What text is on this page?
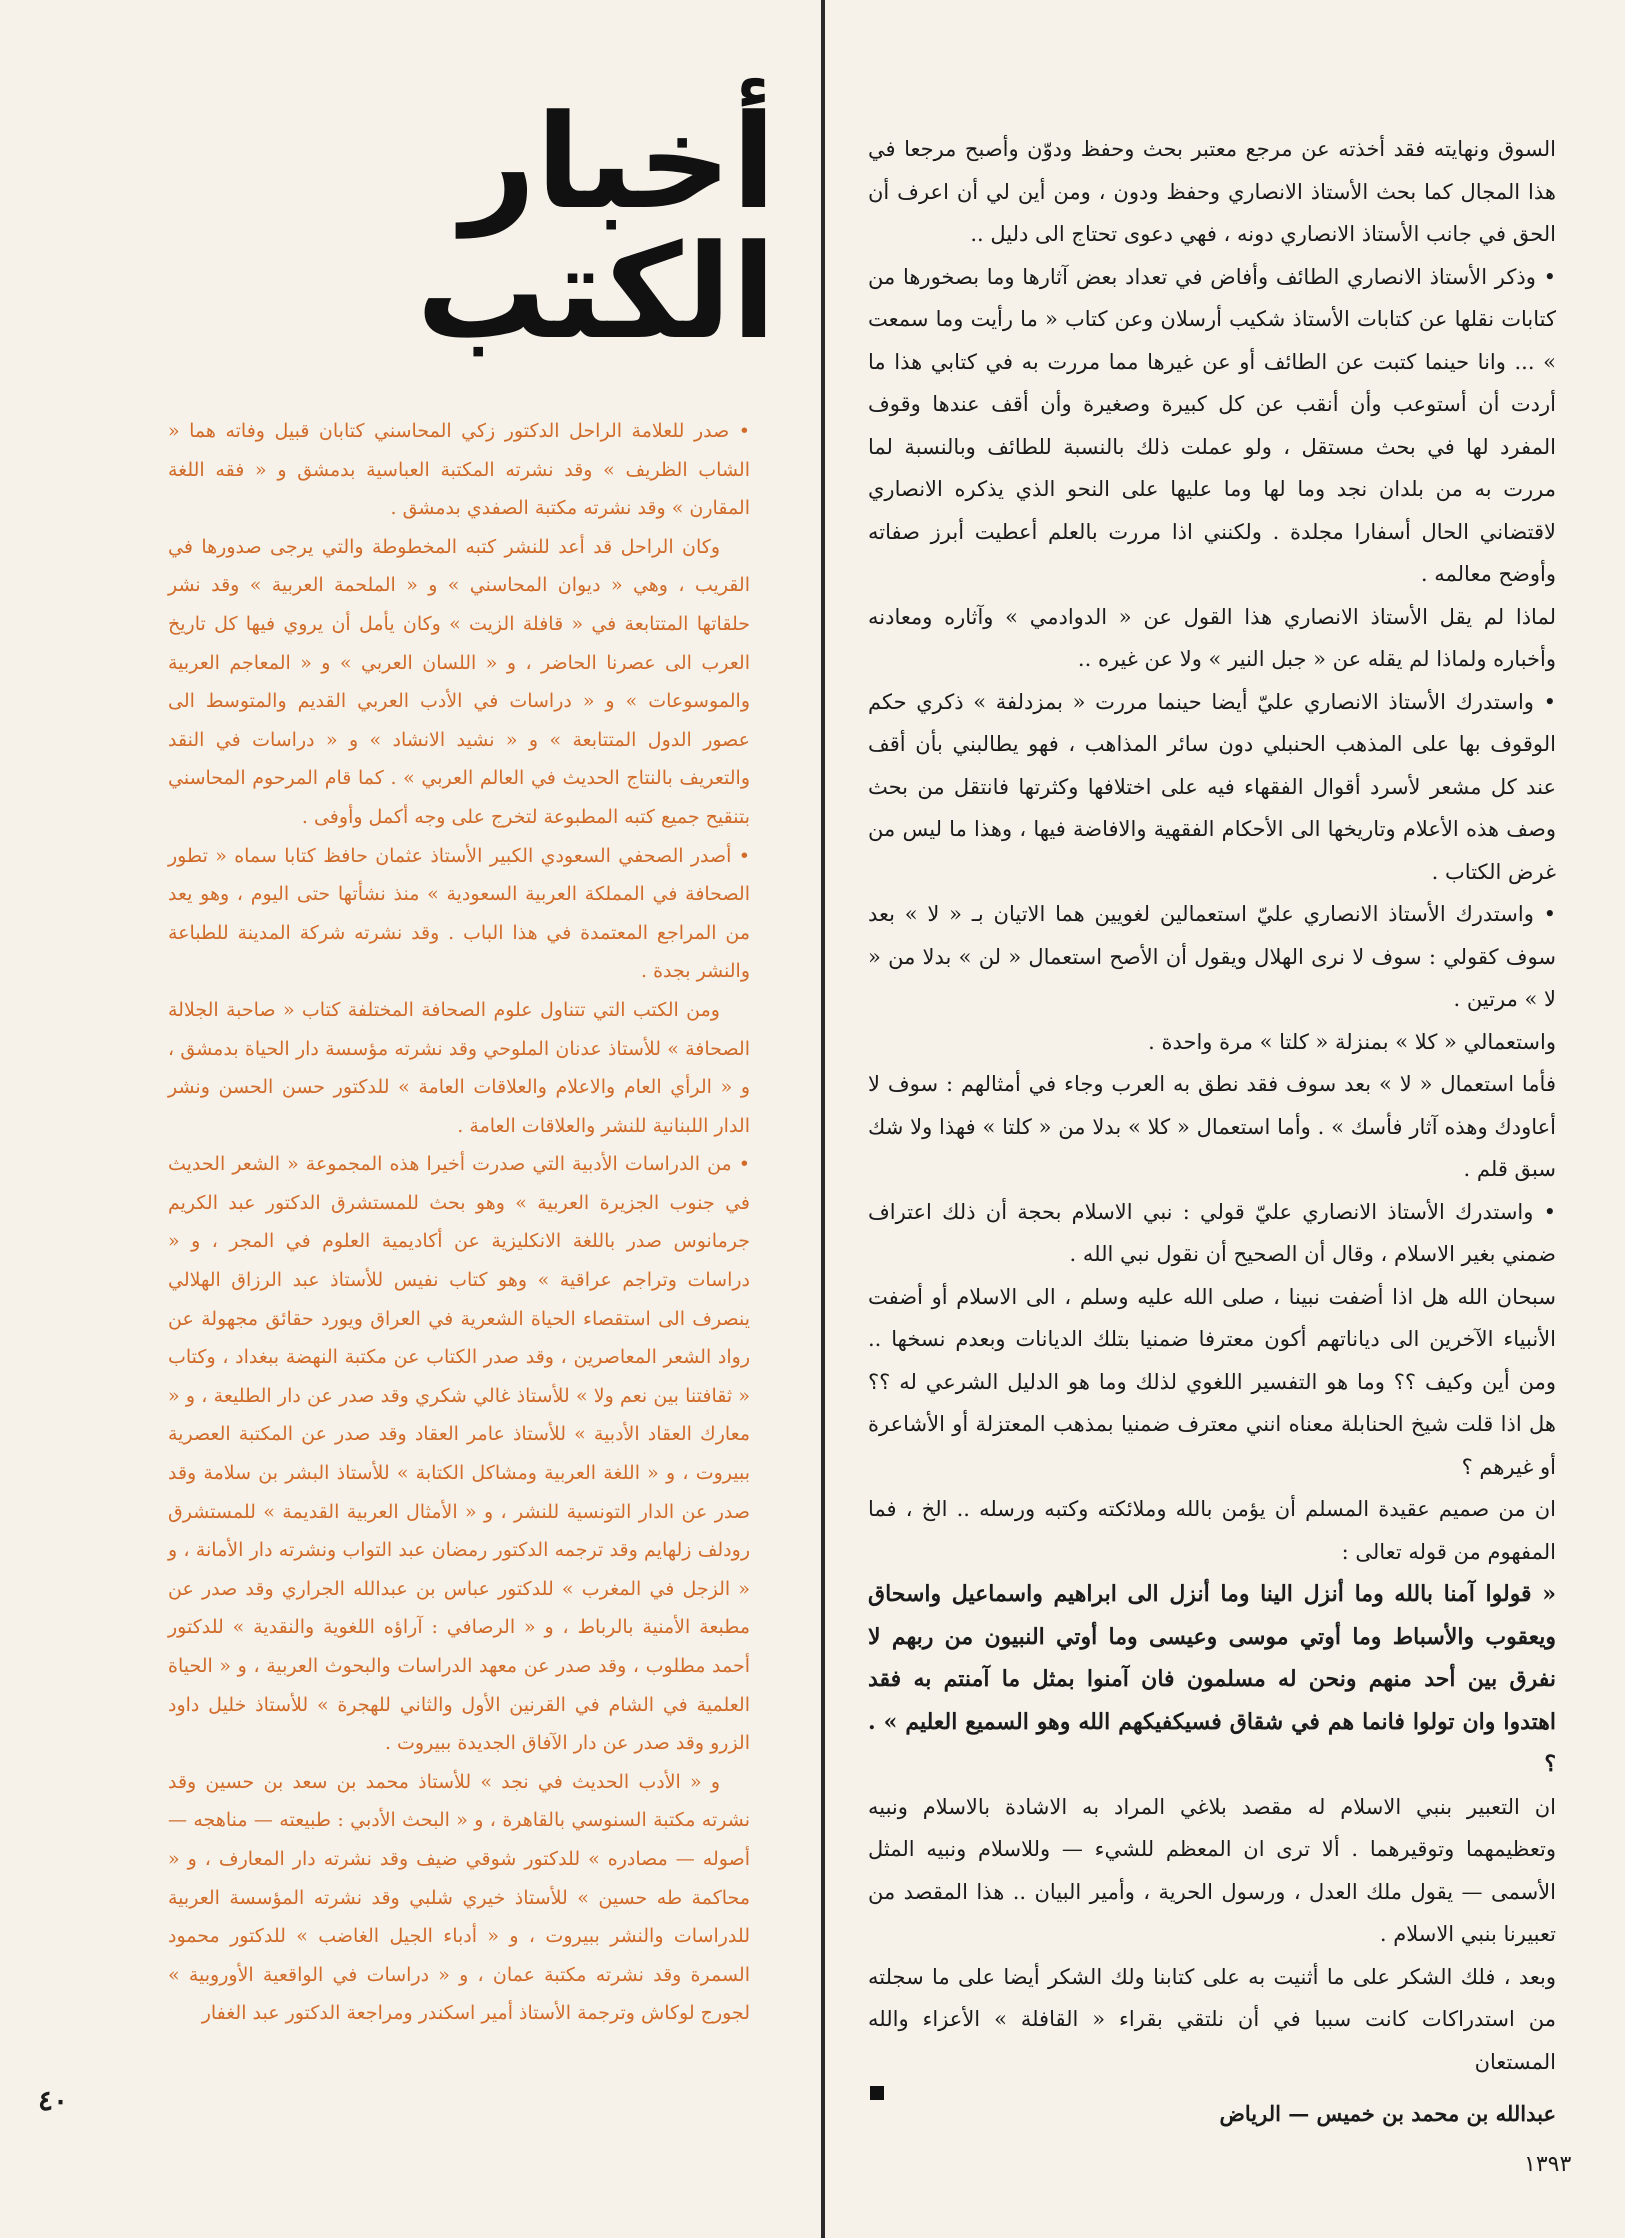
أخبار الكتب

• صدر للعلامة الراحل الدكتور زكي المحاسني كتابان قبيل وفاته هما « الشاب الظريف » وقد نشرته المكتبة العباسية بدمشق و « فقه اللغة المقارن » وقد نشرته مكتبة الصفدي بدمشق .

وكان الراحل قد أعد للنشر كتبه المخطوطة والتي يرجى صدورها في القريب ، وهي « ديوان المحاسني » و « الملحمة العربية » وقد نشر حلقاتها المتتابعة في « قافلة الزيت » وكان يأمل أن يروي فيها كل تاريخ العرب الى عصرنا الحاضر ، و « اللسان العربي » و « المعاجم العربية والموسوعات » و « دراسات في الأدب العربي القديم والمتوسط الى عصور الدول المتتابعة » و « نشيد الانشاد » و « دراسات في النقد والتعريف بالنتاج الحديث في العالم العربي » . كما قام المرحوم المحاسني بتنقيح جميع كتبه المطبوعة لتخرج على وجه أكمل وأوفى .

• أصدر الصحفي السعودي الكبير الأستاذ عثمان حافظ كتابا سماه « تطور الصحافة في المملكة العربية السعودية » منذ نشأتها حتى اليوم ، وهو يعد من المراجع المعتمدة في هذا الباب . وقد نشرته شركة المدينة للطباعة والنشر بجدة .

ومن الكتب التي تتناول علوم الصحافة المختلفة كتاب « صاحبة الجلالة الصحافة » للأستاذ عدنان الملوحي وقد نشرته مؤسسة دار الحياة بدمشق ، و « الرأي العام والاعلام والعلاقات العامة » للدكتور حسن الحسن ونشر الدار اللبنانية للنشر والعلاقات العامة .

• من الدراسات الأدبية التي صدرت أخيرا هذه المجموعة « الشعر الحديث في جنوب الجزيرة العربية » وهو بحث للمستشرق الدكتور عبد الكريم جرمانوس صدر باللغة الانكليزية عن أكاديمية العلوم في المجر ، و « دراسات وتراجم عراقية » وهو كتاب نفيس للأستاذ عبد الرزاق الهلالي ينصرف الى استقصاء الحياة الشعرية في العراق ويورد حقائق مجهولة عن رواد الشعر المعاصرين ، وقد صدر الكتاب عن مكتبة النهضة ببغداد ، وكتاب « ثقافتنا بين نعم ولا » للأستاذ غالي شكري وقد صدر عن دار الطليعة ، و « معارك العقاد الأدبية » للأستاذ عامر العقاد وقد صدر عن المكتبة العصرية ببيروت ، و « اللغة العربية ومشاكل الكتابة » للأستاذ البشر بن سلامة وقد صدر عن الدار التونسية للنشر ، و « الأمثال العربية القديمة » للمستشرق رودلف زلهايم وقد ترجمه الدكتور رمضان عبد التواب ونشرته دار الأمانة ، و « الزجل في المغرب » للدكتور عباس بن عبدالله الجراري وقد صدر عن مطبعة الأمنية بالرباط ، و « الرصافي : آراؤه اللغوية والنقدية » للدكتور أحمد مطلوب ، وقد صدر عن معهد الدراسات والبحوث العربية ، و « الحياة العلمية في الشام في القرنين الأول والثاني للهجرة » للأستاذ خليل داود الزرو وقد صدر عن دار الآفاق الجديدة ببيروت .

و « الأدب الحديث في نجد » للأستاذ محمد بن سعد بن حسين وقد نشرته مكتبة السنوسي بالقاهرة ، و « البحث الأدبي : طبيعته — مناهجه — أصوله — مصادره » للدكتور شوقي ضيف وقد نشرته دار المعارف ، و « محاكمة طه حسين » للأستاذ خيري شلبي وقد نشرته المؤسسة العربية للدراسات والنشر ببيروت ، و « أدباء الجيل الغاضب » للدكتور محمود السمرة وقد نشرته مكتبة عمان ، و « دراسات في الواقعية الأوروبية » لجورج لوكاش وترجمة الأستاذ أمير اسكندر ومراجعة الدكتور عبد الغفار

السوق ونهايته فقد أخذته عن مرجع معتبر بحث وحفظ ودوّن وأصبح مرجعا في هذا المجال كما بحث الأستاذ الانصاري وحفظ ودون ، ومن أين لي أن اعرف أن الحق في جانب الأستاذ الانصاري دونه ، فهي دعوى تحتاج الى دليل ..

• وذكر الأستاذ الانصاري الطائف وأفاض في تعداد بعض آثارها وما بصخورها من كتابات نقلها عن كتابات الأستاذ شكيب أرسلان وعن كتاب « ما رأيت وما سمعت » ... وانا حينما كتبت عن الطائف أو عن غيرها مما مررت به في كتابي هذا ما أردت أن أستوعب وأن أنقب عن كل كبيرة وصغيرة وأن أقف عندها وقوف المفرد لها في بحث مستقل ، ولو عملت ذلك بالنسبة للطائف وبالنسبة لما مررت به من بلدان نجد وما لها وما عليها على النحو الذي يذكره الانصاري لاقتضاني الحال أسفارا مجلدة . ولكنني اذا مررت بالعلم أعطيت أبرز صفاته وأوضح معالمه .

لماذا لم يقل الأستاذ الانصاري هذا القول عن « الدوادمي » وآثاره ومعادنه وأخباره ولماذا لم يقله عن « جبل النير » ولا عن غيره ..

• واستدرك الأستاذ الانصاري عليّ أيضا حينما مررت « بمزدلفة » ذكري حكم الوقوف بها على المذهب الحنبلي دون سائر المذاهب ، فهو يطالبني بأن أقف عند كل مشعر لأسرد أقوال الفقهاء فيه على اختلافها وكثرتها فانتقل من بحث وصف هذه الأعلام وتاريخها الى الأحكام الفقهية والافاضة فيها ، وهذا ما ليس من غرض الكتاب .

• واستدرك الأستاذ الانصاري عليّ استعمالين لغويين هما الاتيان بـ « لا » بعد سوف كقولي : سوف لا نرى الهلال ويقول أن الأصح استعمال « لن » بدلا من « لا » مرتين .

واستعمالي « كلا » بمنزلة « كلتا » مرة واحدة .

فأما استعمال « لا » بعد سوف فقد نطق به العرب وجاء في أمثالهم : سوف لا أعاودك وهذه آثار فأسك » . وأما استعمال « كلا » بدلا من « كلتا » فهذا ولا شك سبق قلم .

• واستدرك الأستاذ الانصاري عليّ قولي : نبي الاسلام بحجة أن ذلك اعتراف ضمني بغير الاسلام ، وقال أن الصحيح أن نقول نبي الله .

سبحان الله هل اذا أضفت نبينا ، صلى الله عليه وسلم ، الى الاسلام أو أضفت الأنبياء الآخرين الى دياناتهم أكون معترفا ضمنيا بتلك الديانات وبعدم نسخها .. ومن أين وكيف ؟؟ وما هو التفسير اللغوي لذلك وما هو الدليل الشرعي له ؟؟ هل اذا قلت شيخ الحنابلة معناه انني معترف ضمنيا بمذهب المعتزلة أو الأشاعرة أو غيرهم ؟

ان من صميم عقيدة المسلم أن يؤمن بالله وملائكته وكتبه ورسله .. الخ ، فما المفهوم من قوله تعالى :

« قولوا آمنا بالله وما أنزل الينا وما أنزل الى ابراهيم واسماعيل واسحاق ويعقوب والأسباط وما أوتي موسى وعيسى وما أوتي النبيون من ربهم لا نفرق بين أحد منهم ونحن له مسلمون فان آمنوا بمثل ما آمنتم به فقد اهتدوا وان تولوا فانما هم في شقاق فسيكفيكهم الله وهو السميع العليم » . ؟

ان التعبير بنبي الاسلام له مقصد بلاغي المراد به الاشادة بالاسلام ونبيه وتعظيمهما وتوقيرهما . ألا ترى ان المعظم للشيء — وللاسلام ونبيه المثل الأسمى — يقول ملك العدل ، ورسول الحرية ، وأمير البيان .. هذا المقصد من تعبيرنا بنبي الاسلام .

وبعد ، فلك الشكر على ما أثنيت به على كتابنا ولك الشكر أيضا على ما سجلته من استدراكات كانت سببا في أن نلتقي بقراء « القافلة » الأعزاء والله المستعان

عبدالله بن محمد بن خميس — الرياض

٤٠
١٣٩٣
